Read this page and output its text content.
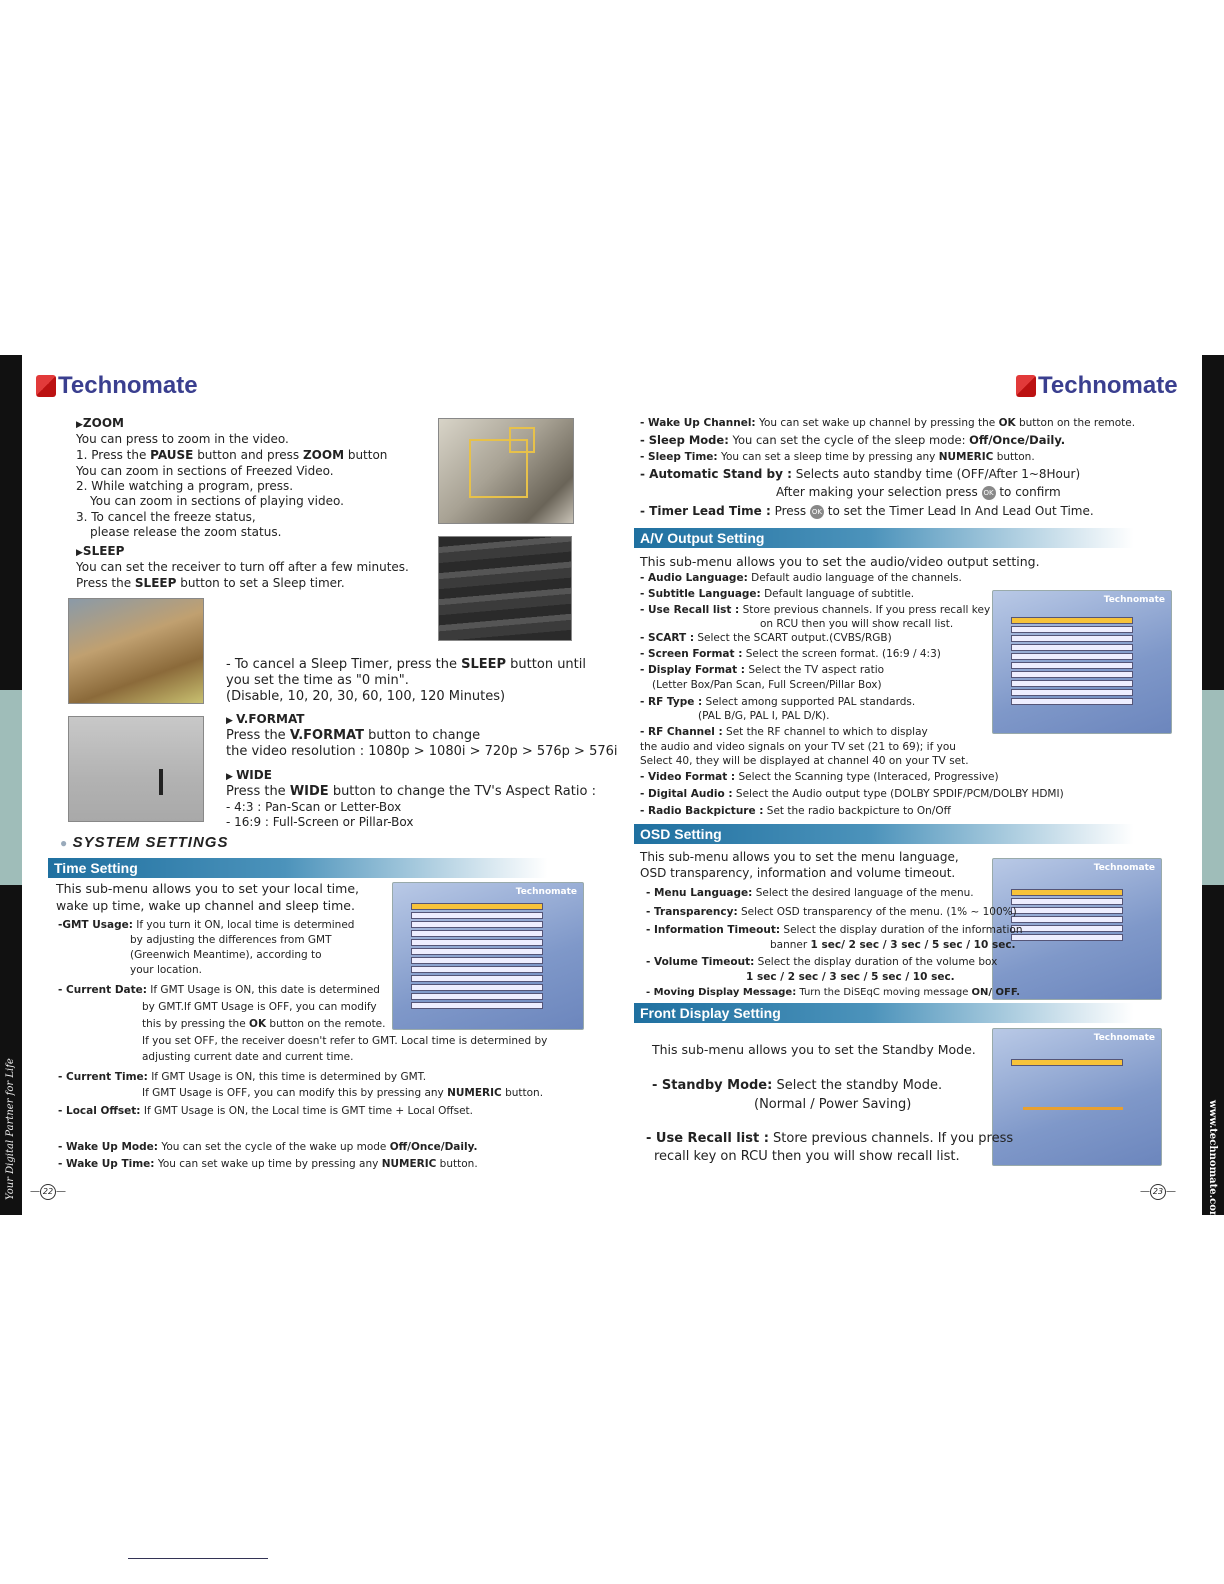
Your Digital Partner for Life	www.technomate.com
Technomate	Technomate
▶ZOOM
You can press to zoom in the video.
1. Press the PAUSE button and press ZOOM button
You can zoom in sections of Freezed Video.
2. While watching a program, press.
You can zoom in sections of playing video.
3. To cancel the freeze status,
please release the zoom status.
▶SLEEP
You can set the receiver to turn off after a few minutes.
Press the SLEEP button to set a Sleep timer.
- To cancel a Sleep Timer, press the SLEEP button until
you set the time as "0 min".
(Disable, 10, 20, 30, 60, 100, 120 Minutes)
▶ V.FORMAT
Press the V.FORMAT button to change
the video resolution : 1080p > 1080i > 720p > 576p > 576i
▶ WIDE
Press the WIDE button to change the TV's Aspect Ratio :
- 4:3 : Pan-Scan or Letter-Box
- 16:9 : Full-Screen or Pillar-Box
● SYSTEM SETTINGS
Time Setting
This sub-menu allows you to set your local time,
wake up time, wake up channel and sleep time.
Technomate
-GMT Usage: If you turn it ON, local time is determined
by adjusting the differences from GMT
(Greenwich Meantime), according to
your location.
- Current Date: If GMT Usage is ON, this date is determined
by GMT.If GMT Usage is OFF, you can modify
this by pressing the OK button on the remote.
If you set OFF, the receiver doesn't refer to GMT. Local time is determined by
adjusting current date and current time.
- Current Time: If GMT Usage is ON, this time is determined by GMT.
If GMT Usage is OFF, you can modify this by pressing any NUMERIC button.
- Local Offset: If GMT Usage is ON, the Local time is GMT time + Local Offset.
- Wake Up Mode: You can set the cycle of the wake up mode Off/Once/Daily.
- Wake Up Time: You can set wake up time by pressing any NUMERIC button.
— 22 —
- Wake Up Channel: You can set wake up channel by pressing the OK button on the remote.
- Sleep Mode: You can set the cycle of the sleep mode: Off/Once/Daily.
- Sleep Time: You can set a sleep time by pressing any NUMERIC button.
- Automatic Stand by : Selects auto standby time (OFF/After 1~8Hour)
After making your selection press OK to confirm
- Timer Lead Time : Press OK to set the Timer Lead In And Lead Out Time.
A/V Output Setting
This sub-menu allows you to set the audio/video output setting.
Technomate
- Audio Language: Default audio language of the channels.
- Subtitle Language: Default language of subtitle.
- Use Recall list : Store previous channels. If you press recall key
on RCU then you will show recall list.
- SCART : Select the SCART output.(CVBS/RGB)
- Screen Format : Select the screen format. (16:9 / 4:3)
- Display Format : Select the TV aspect ratio
(Letter Box/Pan Scan, Full Screen/Pillar Box)
- RF Type : Select among supported PAL standards.
(PAL B/G, PAL I, PAL D/K).
- RF Channel : Set the RF channel to which to display
the audio and video signals on your TV set (21 to 69); if you
Select 40, they will be displayed at channel 40 on your TV set.
- Video Format : Select the Scanning type (Interaced, Progressive)
- Digital Audio : Select the Audio output type (DOLBY SPDIF/PCM/DOLBY HDMI)
- Radio Backpicture : Set the radio backpicture to On/Off
OSD Setting
This sub-menu allows you to set the menu language,
OSD transparency, information and volume timeout.	Technomate
- Menu Language: Select the desired language of the menu.
- Transparency: Select OSD transparency of the menu. (1% ~ 100%)
- Information Timeout: Select the display duration of the information
banner 1 sec/ 2 sec / 3 sec / 5 sec / 10 sec.
- Volume Timeout: Select the display duration of the volume box
1 sec / 2 sec / 3 sec / 5 sec / 10 sec.
- Moving Display Message: Turn the DiSEqC moving message ON/ OFF.
Front Display Setting
This sub-menu allows you to set the Standby Mode.
Technomate
- Standby Mode: Select the standby Mode.
(Normal / Power Saving)
- Use Recall list : Store previous channels. If you press
recall key on RCU then you will show recall list.
— 23 —
